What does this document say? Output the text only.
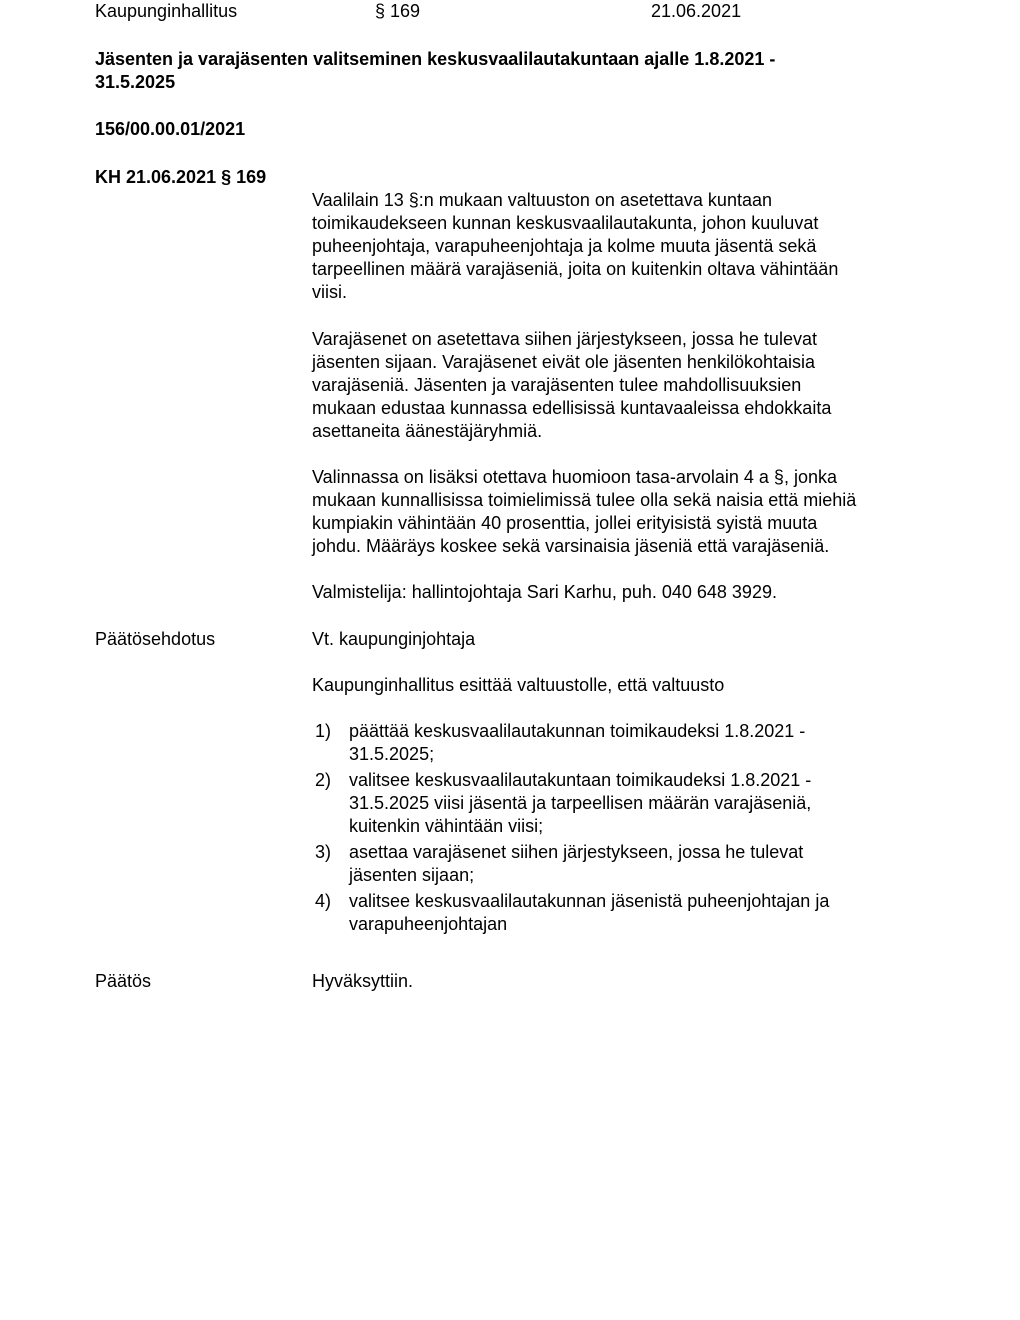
Kaupunginhallitus	§ 169	21.06.2021
Jäsenten ja varajäsenten valitseminen keskusvaalilautakuntaan ajalle 1.8.2021 -
31.5.2025
156/00.00.01/2021
KH 21.06.2021 § 169

Vaalilain 13 §:n mukaan valtuuston on asetettava kuntaan

toimikaudekseen kunnan keskusvaalilautakunta, johon kuuluvat

puheenjohtaja, varapuheenjohtaja ja kolme muuta jäsentä sekä

tarpeellinen määrä varajäseniä, joita on kuitenkin oltava vähintään

viisi.

Varajäsenet on asetettava siihen järjestykseen, jossa he tulevat

jäsenten sijaan. Varajäsenet eivät ole jäsenten henkilökohtaisia

varajäseniä. Jäsenten ja varajäsenten tulee mahdollisuuksien

mukaan edustaa kunnassa edellisissä kuntavaaleissa ehdokkaita

asettaneita äänestäjäryhmiä.

Valinnassa on lisäksi otettava huomioon tasa-arvolain 4 a §, jonka

mukaan kunnallisissa toimielimissä tulee olla sekä naisia että miehiä

kumpiakin vähintään 40 prosenttia, jollei erityisistä syistä muuta

johdu. Määräys koskee sekä varsinaisia jäseniä että varajäseniä.

Valmistelija: hallintojohtaja Sari Karhu, puh. 040 648 3929.
Päätösehdotus	Vt. kaupunginjohtaja
Kaupunginhallitus esittää valtuustolle, että valtuusto
1) päättää keskusvaalilautakunnan toimikaudeksi 1.8.2021 -
31.5.2025;
2) valitsee keskusvaalilautakuntaan toimikaudeksi 1.8.2021 -
31.5.2025 viisi jäsentä ja tarpeellisen määrän varajäseniä,
kuitenkin vähintään viisi;
3) asettaa varajäsenet siihen järjestykseen, jossa he tulevat
jäsenten sijaan;
4) valitsee keskusvaalilautakunnan jäsenistä puheenjohtajan ja
varapuheenjohtajan
Päätös	Hyväksyttiin.
